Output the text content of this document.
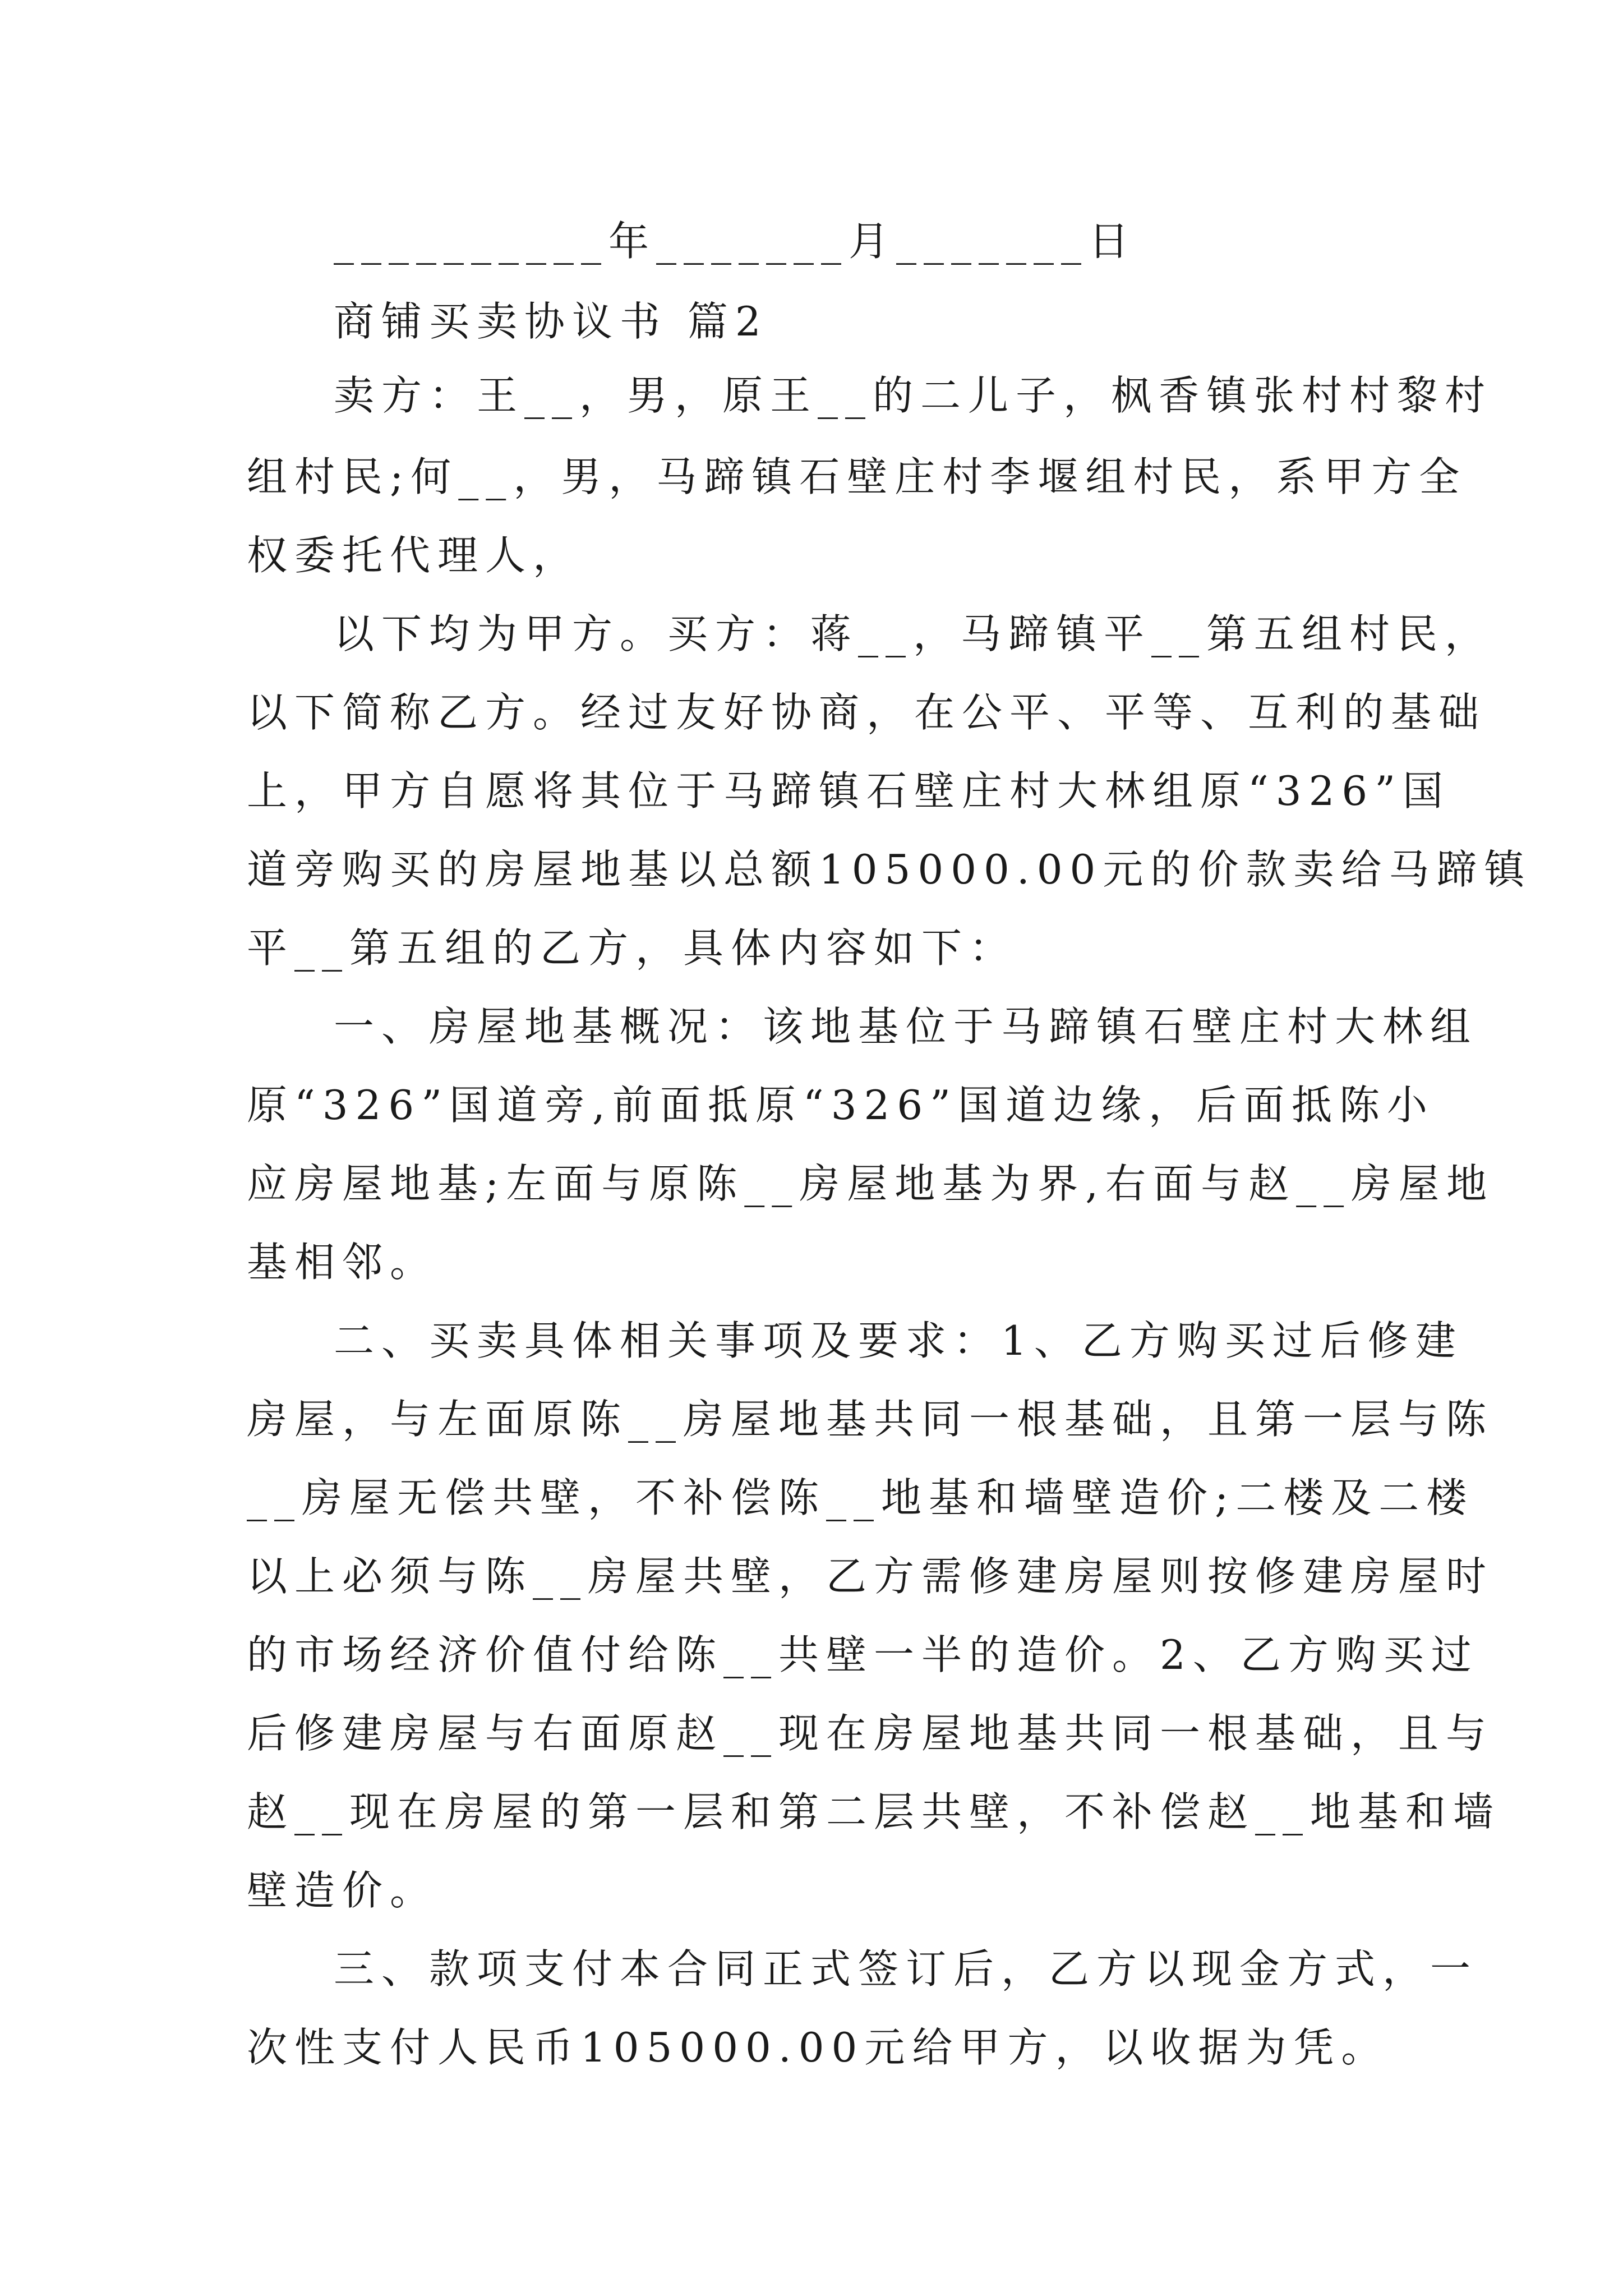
__________年_______月_______日
商铺买卖协议书 篇2
卖方：王__，男，原王__的二儿子，枫香镇张村村黎村
组村民;何__，男，马蹄镇石壁庄村李堰组村民，系甲方全
权委托代理人，
以下均为甲方。买方：蒋__，马蹄镇平__第五组村民，
以下简称乙方。经过友好协商，在公平、平等、互利的基础
上，甲方自愿将其位于马蹄镇石壁庄村大林组原“326”国
道旁购买的房屋地基以总额105000.00元的价款卖给马蹄镇
平__第五组的乙方，具体内容如下：
一、房屋地基概况：该地基位于马蹄镇石壁庄村大林组
原“326”国道旁,前面抵原“326”国道边缘，后面抵陈小
应房屋地基;左面与原陈__房屋地基为界,右面与赵__房屋地
基相邻。
二、买卖具体相关事项及要求：1、乙方购买过后修建
房屋，与左面原陈__房屋地基共同一根基础，且第一层与陈
__房屋无偿共壁，不补偿陈__地基和墙壁造价;二楼及二楼
以上必须与陈__房屋共壁，乙方需修建房屋则按修建房屋时
的市场经济价值付给陈__共壁一半的造价。2、乙方购买过
后修建房屋与右面原赵__现在房屋地基共同一根基础，且与
赵__现在房屋的第一层和第二层共壁，不补偿赵__地基和墙
壁造价。
三、款项支付本合同正式签订后，乙方以现金方式，一
次性支付人民币105000.00元给甲方，以收据为凭。
